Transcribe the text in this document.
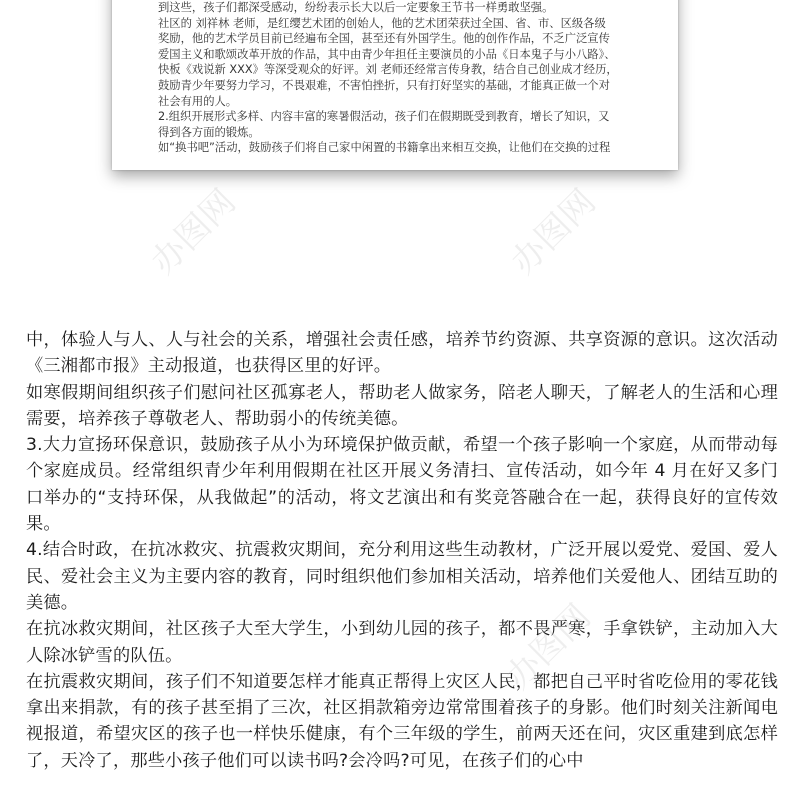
到这些，孩子们都深受感动，纷纷表示长大以后一定要象王节书一样勇敢坚强。

社区的 刘祥林 老师，是红缨艺术团的创始人，他的艺术团荣获过全国、省、市、区级各级

奖励，他的艺术学员目前已经遍布全国，甚至还有外国学生。他的创作作品，不乏广泛宣传

爱国主义和歌颂改革开放的作品，其中由青少年担任主要演员的小品《日本鬼子与小八路》、

快板《戏说新 XXX》等深受观众的好评。刘 老师还经常言传身教，结合自己创业成才经历，

鼓励青少年要努力学习，不畏艰难，不害怕挫折，只有打好坚实的基础，才能真正做一个对

社会有用的人。

2.组织开展形式多样、内容丰富的寒暑假活动，孩子们在假期既受到教育，增长了知识，又

得到各方面的锻炼。

如“换书吧”活动，鼓励孩子们将自己家中闲置的书籍拿出来相互交换，让他们在交换的过程

中，体验人与人、人与社会的关系，增强社会责任感，培养节约资源、共享资源的意识。这次活动《三湘都市报》主动报道，也获得区里的好评。

如寒假期间组织孩子们慰问社区孤寡老人，帮助老人做家务，陪老人聊天，了解老人的生活和心理需要，培养孩子尊敬老人、帮助弱小的传统美德。

3.大力宣扬环保意识，鼓励孩子从小为环境保护做贡献，希望一个孩子影响一个家庭，从而带动每个家庭成员。经常组织青少年利用假期在社区开展义务清扫、宣传活动，如今年 4 月在好又多门口举办的“支持环保，从我做起”的活动，将文艺演出和有奖竞答融合在一起，获得良好的宣传效果。

4.结合时政，在抗冰救灾、抗震救灾期间，充分利用这些生动教材，广泛开展以爱党、爱国、爱人民、爱社会主义为主要内容的教育，同时组织他们参加相关活动，培养他们关爱他人、团结互助的美德。

在抗冰救灾期间，社区孩子大至大学生，小到幼儿园的孩子，都不畏严寒，手拿铁铲，主动加入大人除冰铲雪的队伍。

在抗震救灾期间，孩子们不知道要怎样才能真正帮得上灾区人民，都把自己平时省吃俭用的零花钱拿出来捐款，有的孩子甚至捐了三次，社区捐款箱旁边常常围着孩子的身影。他们时刻关注新闻电视报道，希望灾区的孩子也一样快乐健康，有个三年级的学生，前两天还在问，灾区重建到底怎样了，天冷了，那些小孩子他们可以读书吗?会冷吗?可见，在孩子们的心中

办图网	办图网
办图网
